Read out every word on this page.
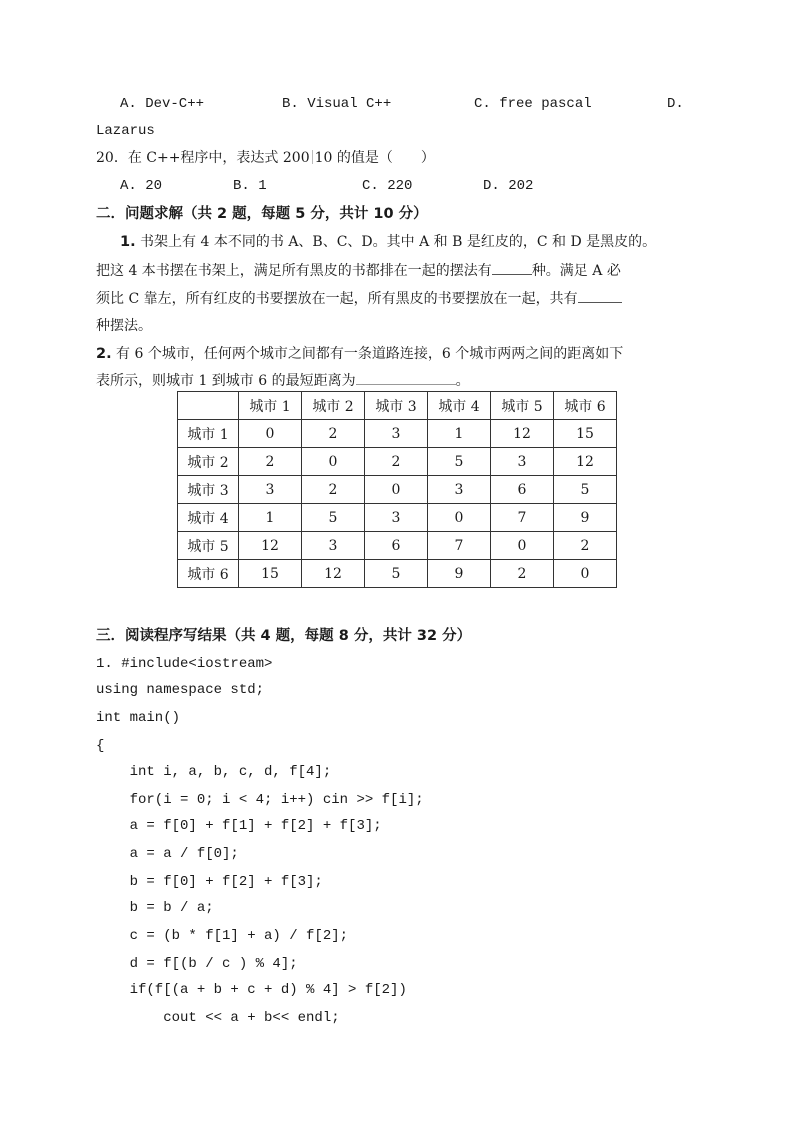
A. Dev-C++	B. Visual C++	C. free pascal	D.
Lazarus
20．在 C++程序中，表达式 200 10 的值是（　　）
A. 20	B. 1	C. 220	D. 202
二．问题求解（共 2 题，每题 5 分，共计 10 分）
1. 书架上有 4 本不同的书 A、B、C、D。其中 A 和 B 是红皮的，C 和 D 是黑皮的。
把这 4 本书摆在书架上，满足所有黑皮的书都排在一起的摆法有	种。满足 A 必
须比 C 靠左，所有红皮的书要摆放在一起，所有黑皮的书要摆放在一起，共有
种摆法。
2. 有 6 个城市，任何两个城市之间都有一条道路连接，6 个城市两两之间的距离如下
表所示，则城市 1 到城市 6 的最短距离为	。
	城市 1	城市 2	城市 3	城市 4	城市 5	城市 6
城市 1	0	2	3	1	12	15
城市 2	2	0	2	5	3	12
城市 3	3	2	0	3	6	5
城市 4	1	5	3	0	7	9
城市 5	12	3	6	7	0	2
城市 6	15	12	5	9	2	0
三．阅读程序写结果（共 4 题，每题 8 分，共计 32 分）
1. #include<iostream>
using namespace std;
int main()
{
int i, a, b, c, d, f[4];
for(i = 0; i < 4; i++) cin >> f[i];
a = f[0] + f[1] + f[2] + f[3];
a = a / f[0];
b = f[0] + f[2] + f[3];
b = b / a;
c = (b * f[1] + a) / f[2];
d = f[(b / c ) % 4];
if(f[(a + b + c + d) % 4] > f[2])
cout << a + b<< endl;
